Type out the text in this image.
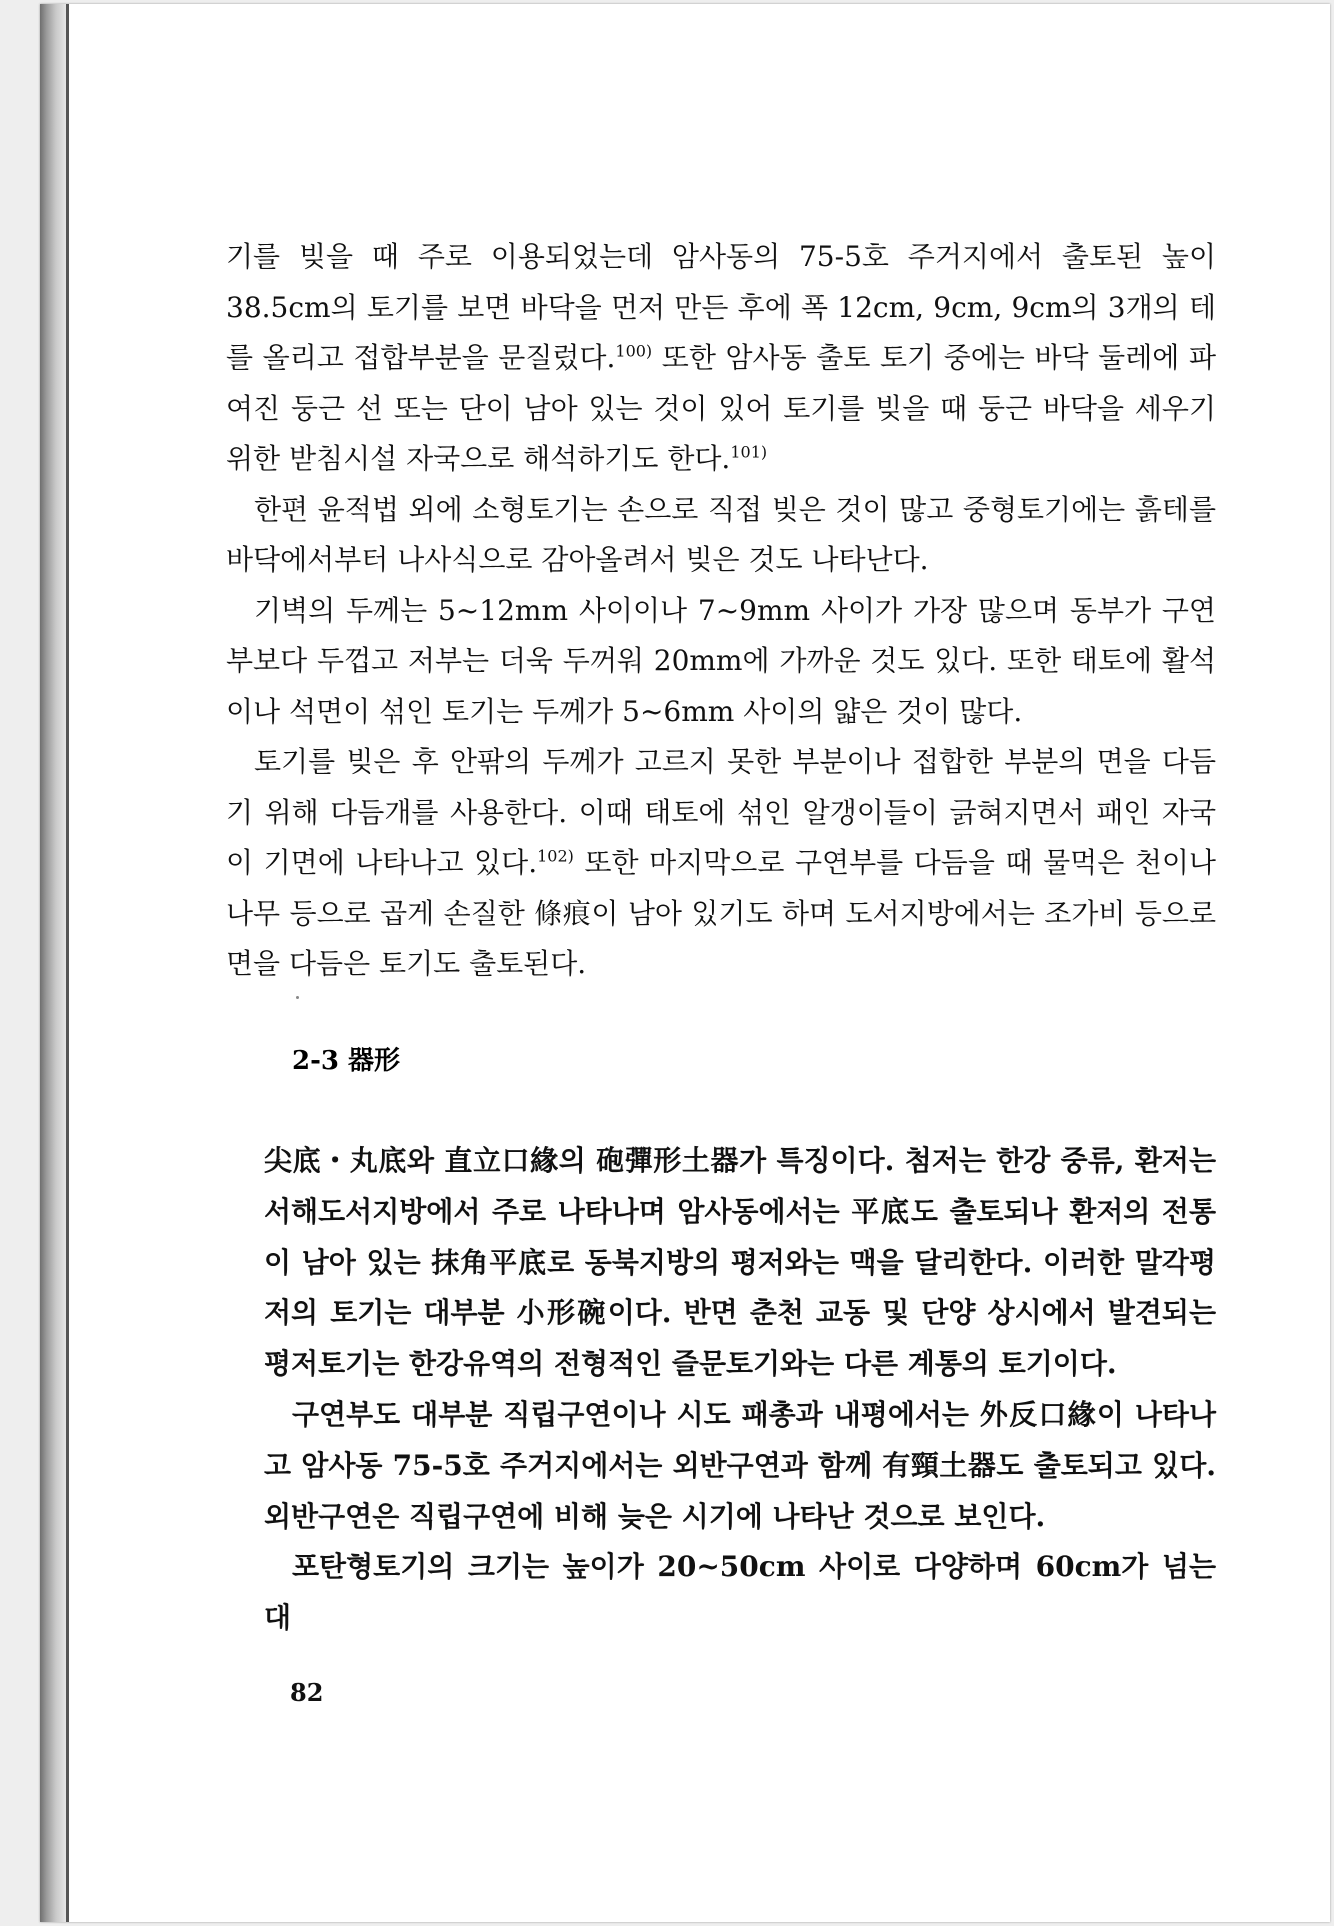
기를 빚을 때 주로 이용되었는데 암사동의 75-5호 주거지에서 출토된 높이 38.5cm의 토기를 보면 바닥을 먼저 만든 후에 폭 12cm, 9cm, 9cm의 3개의 테를 올리고 접합부분을 문질렀다.$^{100)}$ 또한 암사동 출토 토기 중에는 바닥 둘레에 파여진 둥근 선 또는 단이 남아 있는 것이 있어 토기를 빚을 때 둥근 바닥을 세우기 위한 받침시설 자국으로 해석하기도 한다.$^{101)}$

한편 윤적법 외에 소형토기는 손으로 직접 빚은 것이 많고 중형토기에는 흙테를 바닥에서부터 나사식으로 감아올려서 빚은 것도 나타난다.

기벽의 두께는 5~12mm 사이이나 7~9mm 사이가 가장 많으며 동부가 구연부보다 두껍고 저부는 더욱 두꺼워 20mm에 가까운 것도 있다. 또한 태토에 활석이나 석면이 섞인 토기는 두께가 5~6mm 사이의 얇은 것이 많다.

토기를 빚은 후 안팎의 두께가 고르지 못한 부분이나 접합한 부분의 면을 다듬기 위해 다듬개를 사용한다. 이때 태토에 섞인 알갱이들이 긁혀지면서 패인 자국이 기면에 나타나고 있다.$^{102)}$ 또한 마지막으로 구연부를 다듬을 때 물먹은 천이나 나무 등으로 곱게 손질한 條痕이 남아 있기도 하며 도서지방에서는 조가비 등으로 면을 다듬은 토기도 출토된다.

2-3 器形

尖底・丸底와 直立口緣의 砲彈形土器가 특징이다. 첨저는 한강 중류, 환저는 서해도서지방에서 주로 나타나며 암사동에서는 平底도 출토되나 환저의 전통이 남아 있는 抹角平底로 동북지방의 평저와는 맥을 달리한다. 이러한 말각평저의 토기는 대부분 小形碗이다. 반면 춘천 교동 및 단양 상시에서 발견되는 평저토기는 한강유역의 전형적인 즐문토기와는 다른 계통의 토기이다.

구연부도 대부분 직립구연이나 시도 패총과 내평에서는 外反口緣이 나타나고 암사동 75-5호 주거지에서는 외반구연과 함께 有頸土器도 출토되고 있다. 외반구연은 직립구연에 비해 늦은 시기에 나타난 것으로 보인다.

포탄형토기의 크기는 높이가 20~50cm 사이로 다양하며 60cm가 넘는 대

82
